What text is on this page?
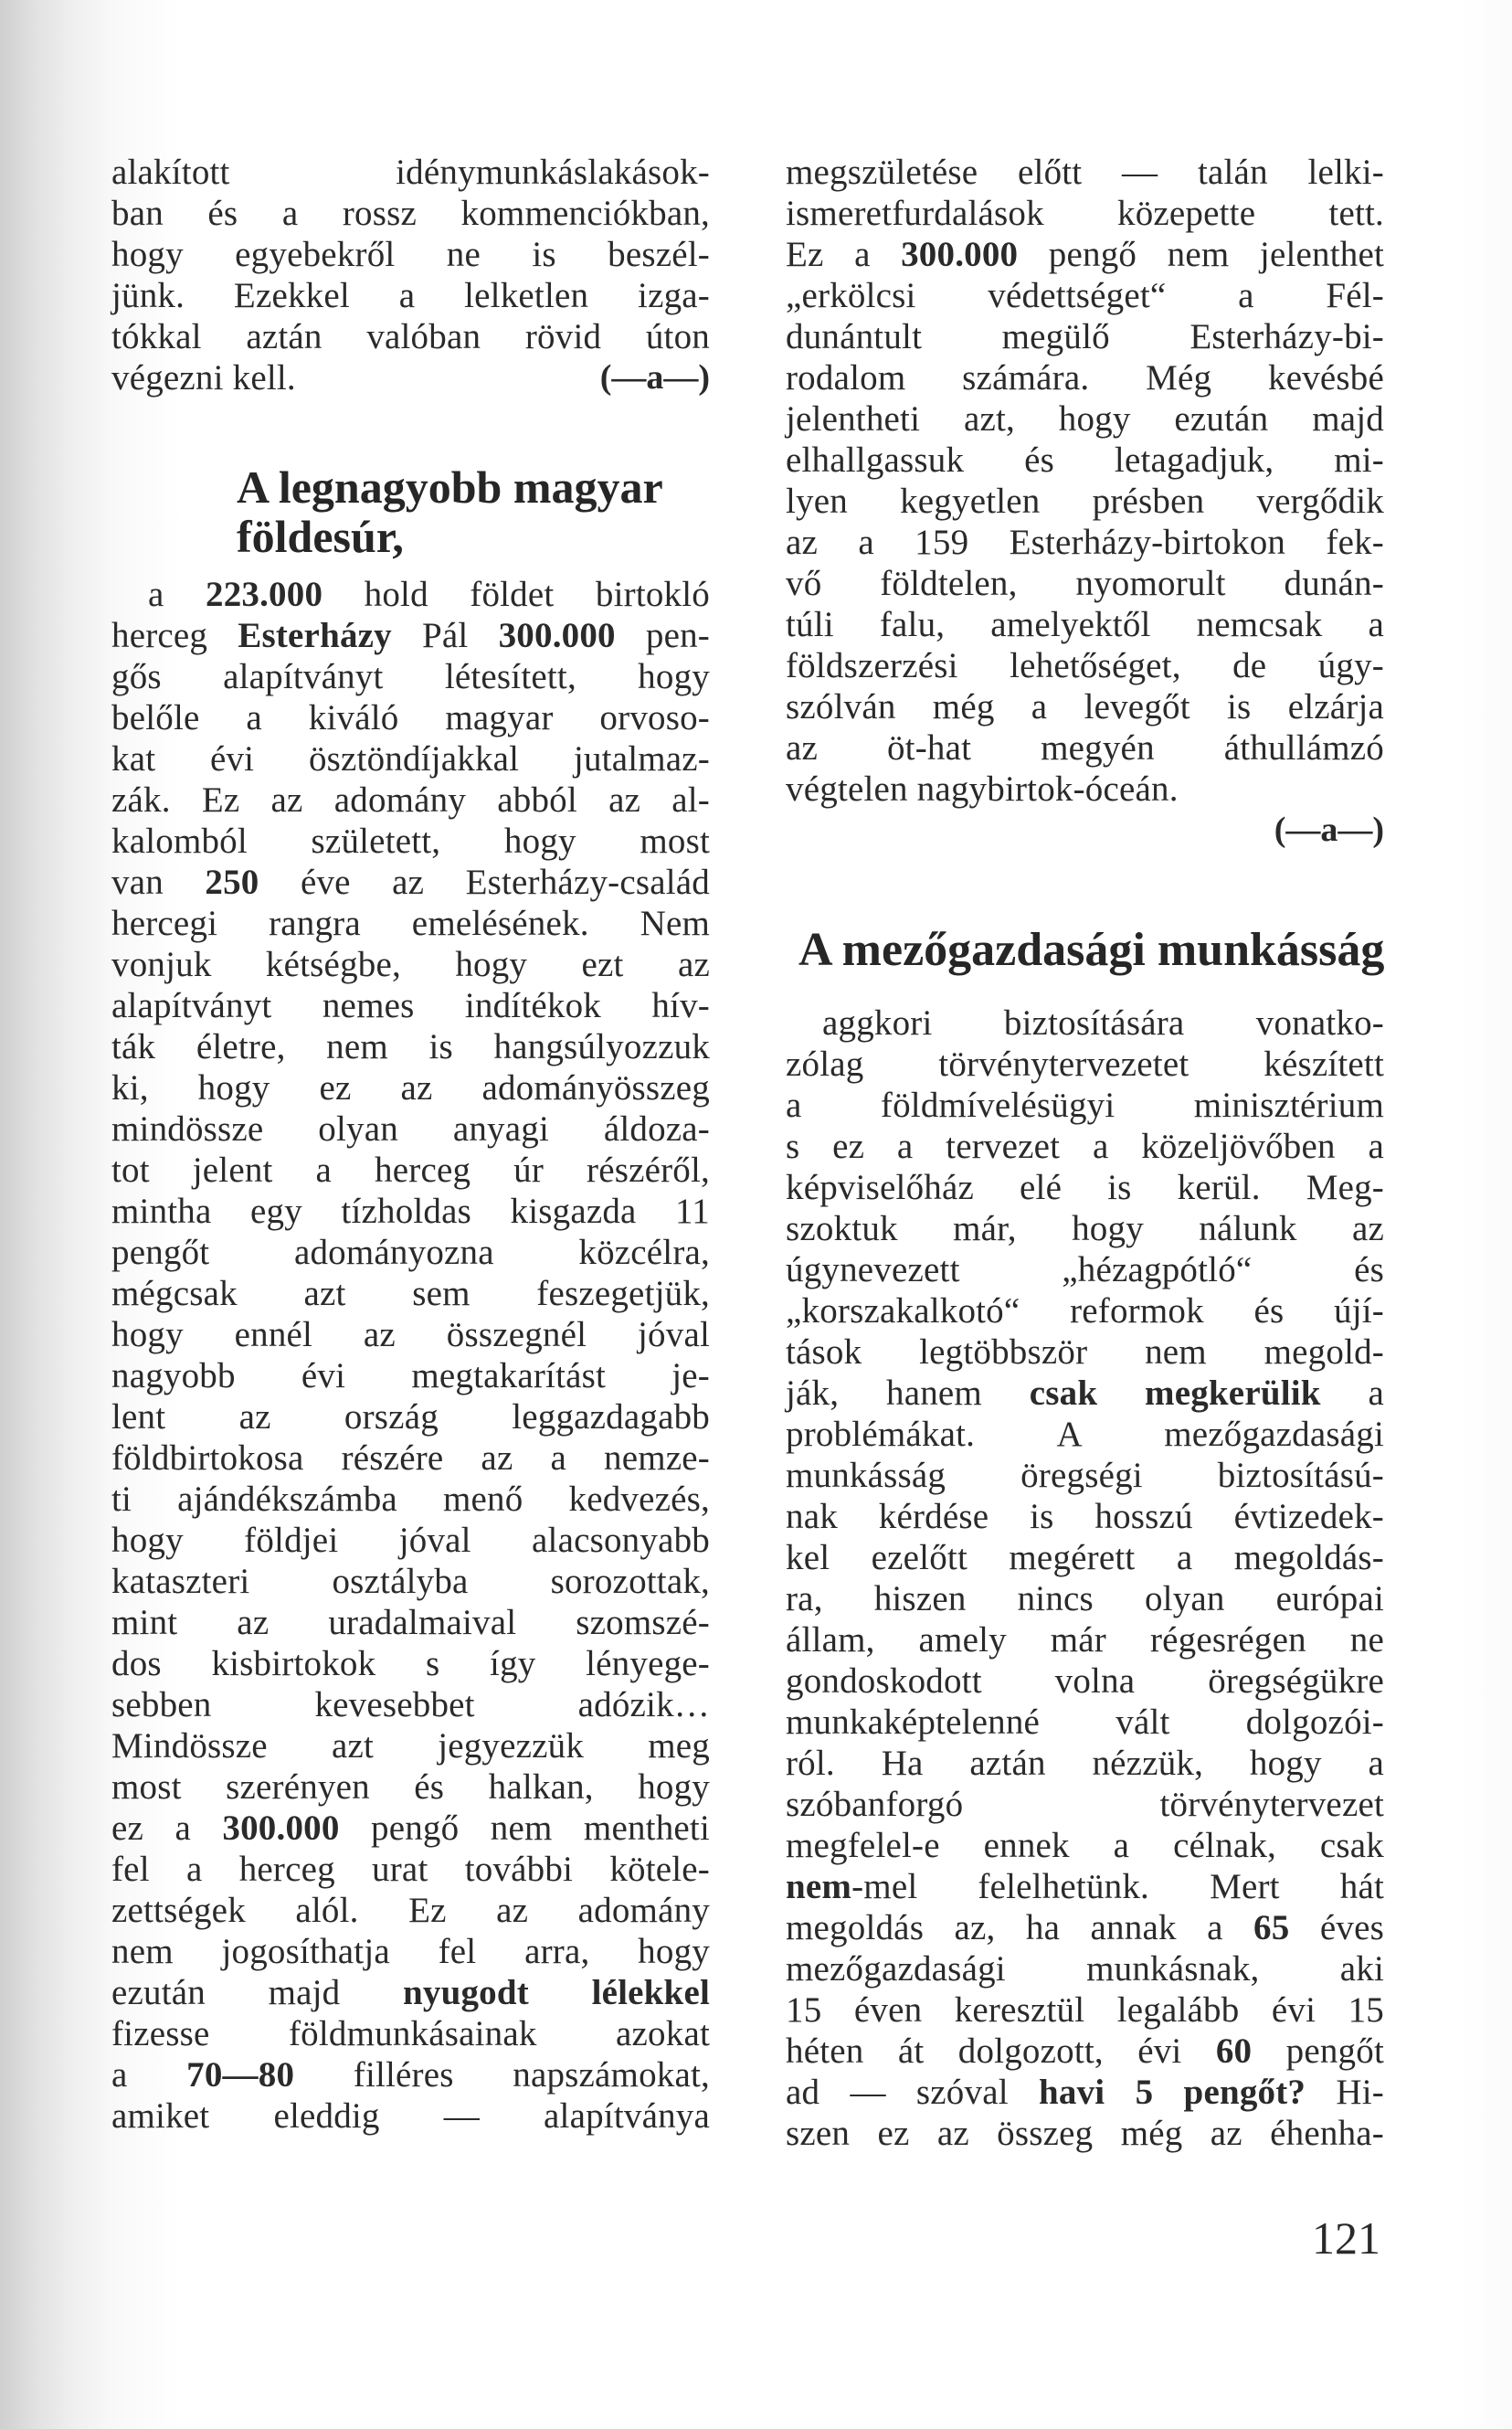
alakított idénymunkáslakások-
ban és a rossz kommenciókban,
hogy egyebekről ne is beszél-
jünk. Ezekkel a lelketlen izga-
tókkal aztán valóban rövid úton
végezni kell.	(—a—)
A legnagyobb magyar
földesúr,
a 223.000 hold földet birtokló
herceg Esterházy Pál 300.000 pen-
gős alapítványt létesített, hogy
belőle a kiváló magyar orvoso-
kat évi ösztöndíjakkal jutalmaz-
zák. Ez az adomány abból az al-
kalomból született, hogy most
van 250 éve az Esterházy-család
hercegi rangra emelésének. Nem
vonjuk kétségbe, hogy ezt az
alapítványt nemes indítékok hív-
ták életre, nem is hangsúlyozzuk
ki, hogy ez az adományösszeg
mindössze olyan anyagi áldoza-
tot jelent a herceg úr részéről,
mintha egy tízholdas kisgazda 11
pengőt adományozna közcélra,
mégcsak azt sem feszegetjük,
hogy ennél az összegnél jóval
nagyobb évi megtakarítást je-
lent az ország leggazdagabb
földbirtokosa részére az a nemze-
ti ajándékszámba menő kedvezés,
hogy földjei jóval alacsonyabb
kataszteri osztályba sorozottak,
mint az uradalmaival szomszé-
dos kisbirtokok s így lényege-
sebben kevesebbet adózik…
Mindössze azt jegyezzük meg
most szerényen és halkan, hogy
ez a 300.000 pengő nem mentheti
fel a herceg urat további kötele-
zettségek alól. Ez az adomány
nem jogosíthatja fel arra, hogy
ezután majd nyugodt lélekkel
fizesse földmunkásainak azokat
a 70—80 filléres napszámokat,
amiket eleddig — alapítványa
megszületése előtt — talán lelki-
ismeretfurdalások közepette tett.
Ez a 300.000 pengő nem jelenthet
„erkölcsi védettséget“ a Fél-
dunántult megülő Esterházy-bi-
rodalom számára. Még kevésbé
jelentheti azt, hogy ezután majd
elhallgassuk és letagadjuk, mi-
lyen kegyetlen présben vergődik
az a 159 Esterházy-birtokon fek-
vő földtelen, nyomorult dunán-
túli falu, amelyektől nemcsak a
földszerzési lehetőséget, de úgy-
szólván még a levegőt is elzárja
az öt-hat megyén áthullámzó
végtelen nagybirtok-óceán.
(—a—)
A mezőgazdasági munkásság
aggkori biztosítására vonatko-
zólag törvénytervezetet készített
a földmívelésügyi minisztérium
s ez a tervezet a közeljövőben a
képviselőház elé is kerül. Meg-
szoktuk már, hogy nálunk az
úgynevezett „hézagpótló“ és
„korszakalkotó“ reformok és újí-
tások legtöbbször nem megold-
ják, hanem csak megkerülik a
problémákat. A mezőgazdasági
munkásság öregségi biztosítású-
nak kérdése is hosszú évtizedek-
kel ezelőtt megérett a megoldás-
ra, hiszen nincs olyan európai
állam, amely már régesrégen ne
gondoskodott volna öregségükre
munkaképtelenné vált dolgozói-
ról. Ha aztán nézzük, hogy a
szóbanforgó törvénytervezet
megfelel-e ennek a célnak, csak
nem-mel felelhetünk. Mert hát
megoldás az, ha annak a 65 éves
mezőgazdasági munkásnak, aki
15 éven keresztül legalább évi 15
héten át dolgozott, évi 60 pengőt
ad — szóval havi 5 pengőt? Hi-
szen ez az összeg még az éhenha-
121
